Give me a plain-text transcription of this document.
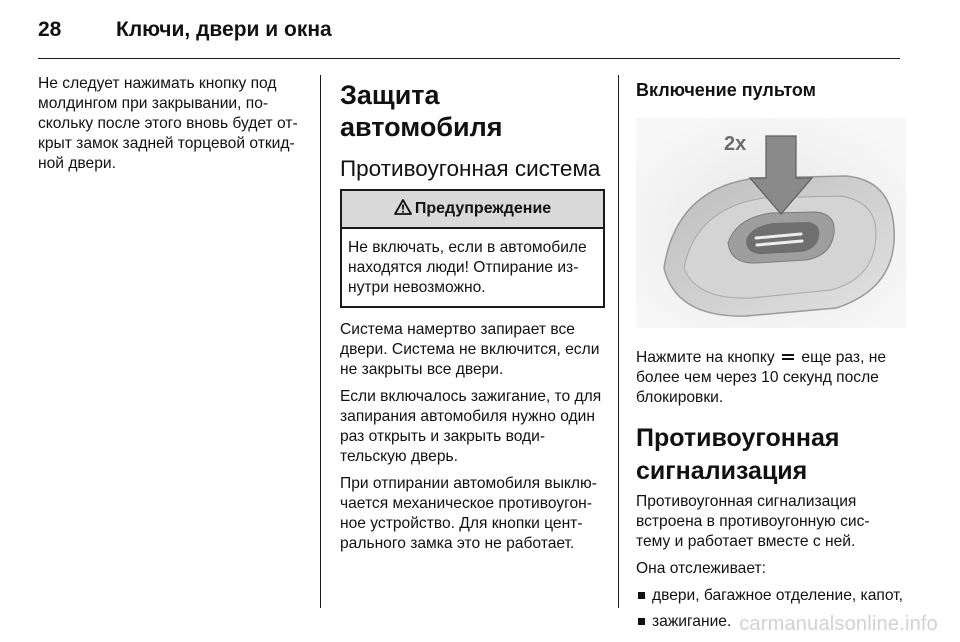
28	Ключи, двери и окна

Не следует нажимать кнопку под молдингом при закрывании, по- скольку после этого вновь будет от- крыт замок задней торцевой откид- ной двери.

Защита автомобиля
Противоугонная система
Предупреждение
Не включать, если в автомобиле находятся люди! Отпирание из- нутри невозможно.

Система намертво запирает все двери. Система не включится, если не закрыты все двери.

Если включалось зажигание, то для запирания автомобиля нужно один раз открыть и закрыть води- тельскую дверь.

При отпирании автомобиля выклю- чается механическое противоугон- ное устройство. Для кнопки цент- рального замка это не работает.

Включение пультом
2x

Нажмите на кнопку еще раз, не более чем через 10 секунд после блокировки.

Противоугонная сигнализация

Противоугонная сигнализация встроена в противоугонную сис- тему и работает вместе с ней.

Она отслеживает:

двери, багажное отделение, капот,
зажигание. carmanualsonline.info
